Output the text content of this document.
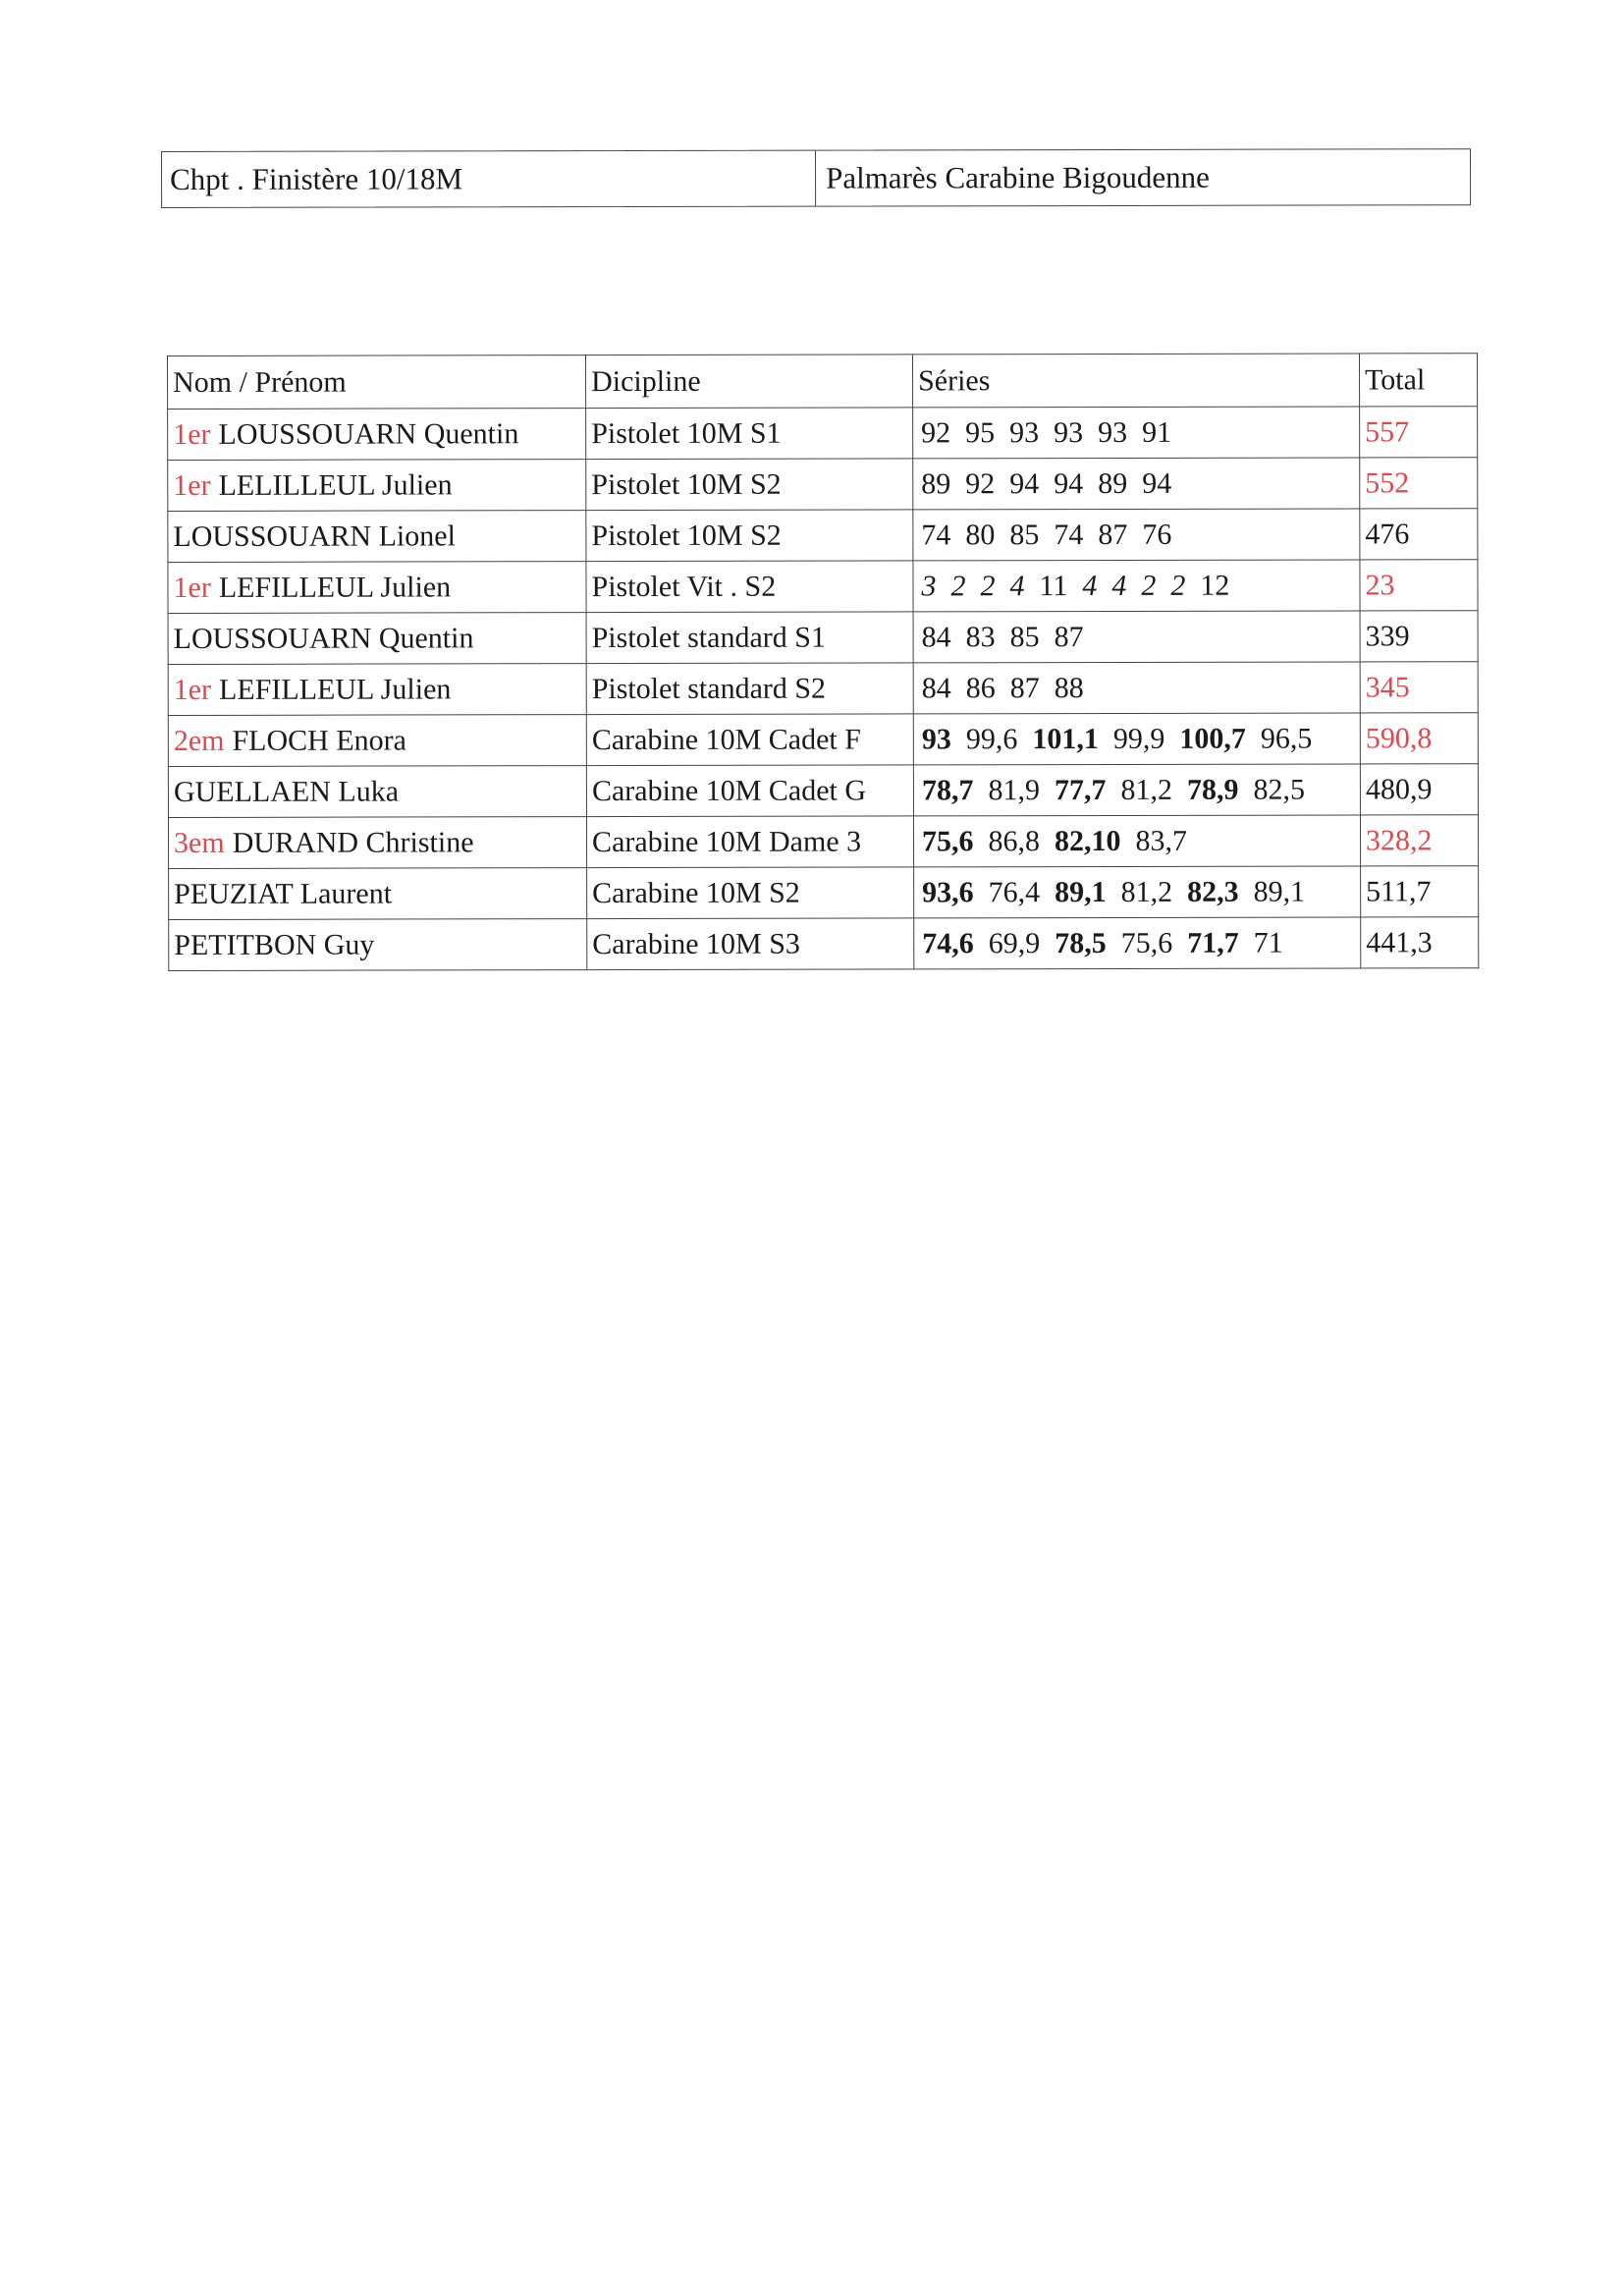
Chpt . Finistère 10/18M	Palmarès Carabine Bigoudenne
Nom / Prénom	Dicipline	Séries	Total
1er LOUSSOUARN Quentin	Pistolet 10M S1	92 95 93 93 93 91	557
1er LELILLEUL Julien	Pistolet 10M S2	89 92 94 94 89 94	552
LOUSSOUARN Lionel	Pistolet 10M S2	74 80 85 74 87 76	476
1er LEFILLEUL Julien	Pistolet Vit . S2	3 2 2 4 11 4 4 2 2 12	23
LOUSSOUARN Quentin	Pistolet standard S1	84 83 85 87	339
1er LEFILLEUL Julien	Pistolet standard S2	84 86 87 88	345
2em FLOCH Enora	Carabine 10M Cadet F	93 99,6 101,1 99,9 100,7 96,5	590,8
GUELLAEN Luka	Carabine 10M Cadet G	78,7 81,9 77,7 81,2 78,9 82,5	480,9
3em DURAND Christine	Carabine 10M Dame 3	75,6 86,8 82,10 83,7	328,2
PEUZIAT Laurent	Carabine 10M S2	93,6 76,4 89,1 81,2 82,3 89,1	511,7
PETITBON Guy	Carabine 10M S3	74,6 69,9 78,5 75,6 71,7 71	441,3
